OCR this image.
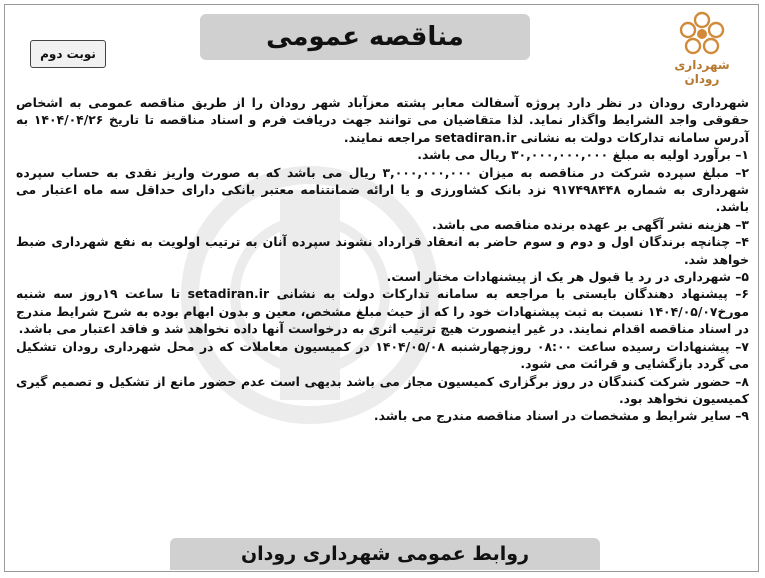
شهرداری رودان
مناقصه عمومی
نوبت دوم

شهرداری رودان در نظر دارد پروژه آسفالت معابر پشته معزآباد شهر رودان را از طریق مناقصه عمومی به اشخاص حقوقی واجد الشرایط واگذار نماید. لذا متقاضیان می توانند جهت دریافت فرم و اسناد مناقصه تا تاریخ ۱۴۰۴/۰۴/۲۶ به آدرس سامانه تدارکات دولت به نشانی setadiran.ir مراجعه نمایند.

۱– برآورد اولیه به مبلغ ۳۰,۰۰۰,۰۰۰,۰۰۰ ریال می باشد.

۲– مبلغ سپرده شرکت در مناقصه به میزان ۳,۰۰۰,۰۰۰,۰۰۰ ریال می باشد که به صورت واریز نقدی به حساب سپرده شهرداری به شماره ۹۱۷۴۹۸۴۴۸ نزد بانک کشاورزی و یا ارائه ضمانتنامه معتبر بانکی دارای حداقل سه ماه اعتبار می باشد.

۳– هزینه نشر آگهی بر عهده برنده مناقصه می باشد.

۴– چنانچه برندگان اول و دوم و سوم حاضر به انعقاد قرارداد نشوند سپرده آنان به ترتیب اولویت به نفع شهرداری ضبط خواهد شد.

۵– شهرداری در رد یا قبول هر یک از پیشنهادات مختار است.

۶– پیشنهاد دهندگان بایستی با مراجعه به سامانه تدارکات دولت به نشانی setadiran.ir تا ساعت ۱۹روز سه شنبه مورخ۱۴۰۴/۰۵/۰۷ نسبت به ثبت پیشنهادات خود را که از حیث مبلغ مشخص، معین و بدون ابهام بوده به شرح شرایط مندرج در اسناد مناقصه اقدام نمایند. در غیر اینصورت هیچ ترتیب اثری به درخواست آنها داده نخواهد شد و فاقد اعتبار می باشد.

۷– پیشنهادات رسیده ساعت ۰۸:۰۰ روزچهارشنبه ۱۴۰۴/۰۵/۰۸ در کمیسیون معاملات که در محل شهرداری رودان تشکیل می گردد بازگشایی و قرائت می شود.

۸– حضور شرکت کنندگان در روز برگزاری کمیسیون مجاز می باشد بدیهی است عدم حضور مانع از تشکیل و تصمیم گیری کمیسیون نخواهد بود.

۹– سایر شرایط و مشخصات در اسناد مناقصه مندرج می باشد.

روابط عمومی شهرداری رودان
